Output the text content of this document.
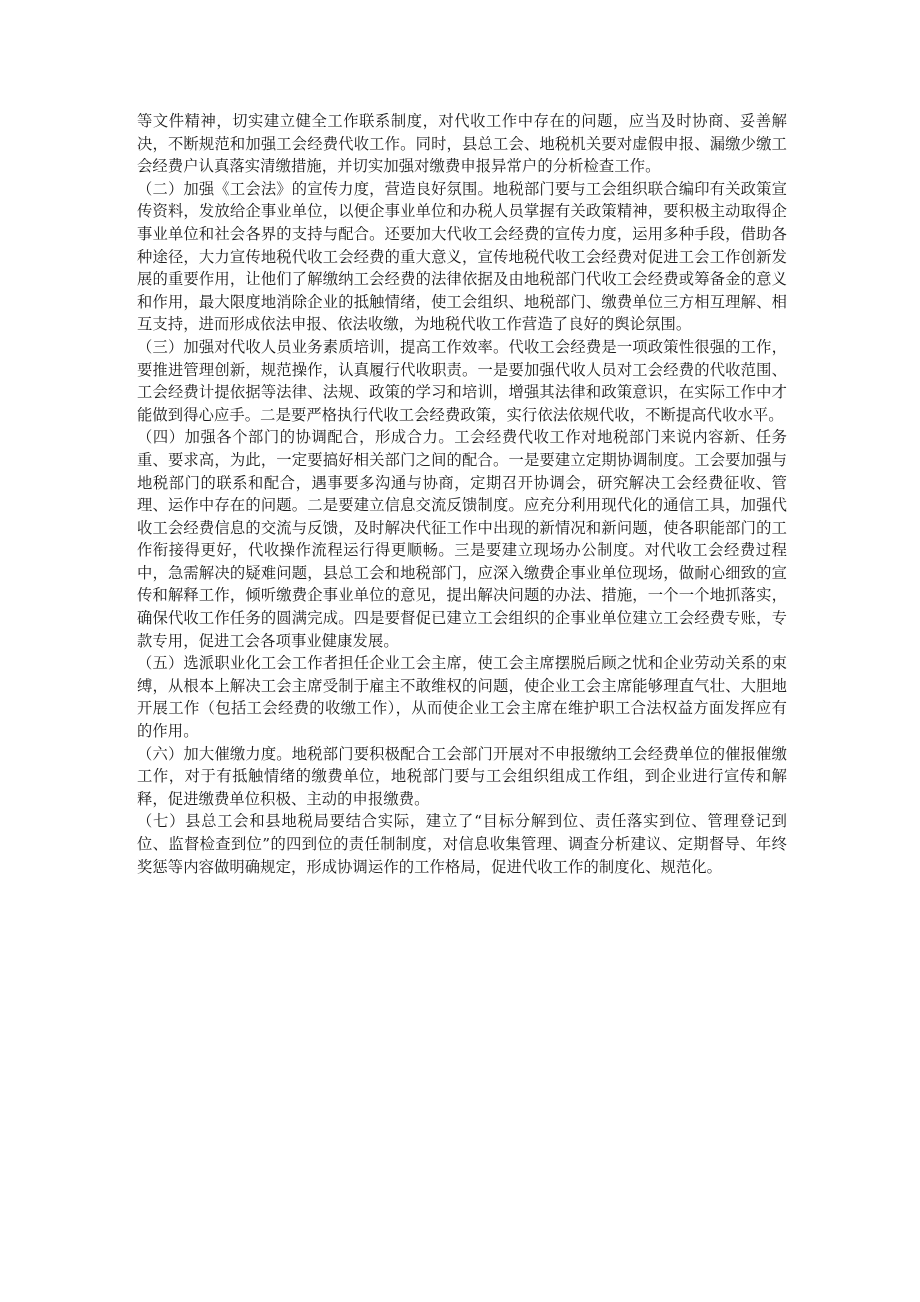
等文件精神，切实建立健全工作联系制度，对代收工作中存在的问题，应当及时协商、妥善解决，不断规范和加强工会经费代收工作。同时，县总工会、地税机关要对虚假申报、漏缴少缴工会经费户认真落实清缴措施，并切实加强对缴费申报异常户的分析检查工作。

（二）加强《工会法》的宣传力度，营造良好氛围。地税部门要与工会组织联合编印有关政策宣传资料，发放给企事业单位，以便企事业单位和办税人员掌握有关政策精神，要积极主动取得企事业单位和社会各界的支持与配合。还要加大代收工会经费的宣传力度，运用多种手段，借助各种途径，大力宣传地税代收工会经费的重大意义，宣传地税代收工会经费对促进工会工作创新发展的重要作用，让他们了解缴纳工会经费的法律依据及由地税部门代收工会经费或筹备金的意义和作用，最大限度地消除企业的抵触情绪，使工会组织、地税部门、缴费单位三方相互理解、相互支持，进而形成依法申报、依法收缴，为地税代收工作营造了良好的舆论氛围。

（三）加强对代收人员业务素质培训，提高工作效率。代收工会经费是一项政策性很强的工作，要推进管理创新，规范操作，认真履行代收职责。一是要加强代收人员对工会经费的代收范围、工会经费计提依据等法律、法规、政策的学习和培训，增强其法律和政策意识，在实际工作中才能做到得心应手。二是要严格执行代收工会经费政策，实行依法依规代收，不断提高代收水平。

（四）加强各个部门的协调配合，形成合力。工会经费代收工作对地税部门来说内容新、任务重、要求高，为此，一定要搞好相关部门之间的配合。一是要建立定期协调制度。工会要加强与地税部门的联系和配合，遇事要多沟通与协商，定期召开协调会，研究解决工会经费征收、管理、运作中存在的问题。二是要建立信息交流反馈制度。应充分利用现代化的通信工具，加强代收工会经费信息的交流与反馈，及时解决代征工作中出现的新情况和新问题，使各职能部门的工作衔接得更好，代收操作流程运行得更顺畅。三是要建立现场办公制度。对代收工会经费过程中，急需解决的疑难问题，县总工会和地税部门，应深入缴费企事业单位现场，做耐心细致的宣传和解释工作，倾听缴费企事业单位的意见，提出解决问题的办法、措施，一个一个地抓落实，确保代收工作任务的圆满完成。四是要督促已建立工会组织的企事业单位建立工会经费专账，专款专用，促进工会各项事业健康发展。

（五）选派职业化工会工作者担任企业工会主席，使工会主席摆脱后顾之忧和企业劳动关系的束缚，从根本上解决工会主席受制于雇主不敢维权的问题，使企业工会主席能够理直气壮、大胆地开展工作（包括工会经费的收缴工作），从而使企业工会主席在维护职工合法权益方面发挥应有的作用。

（六）加大催缴力度。地税部门要积极配合工会部门开展对不申报缴纳工会经费单位的催报催缴工作，对于有抵触情绪的缴费单位，地税部门要与工会组织组成工作组，到企业进行宣传和解释，促进缴费单位积极、主动的申报缴费。

（七）县总工会和县地税局要结合实际，建立了“目标分解到位、责任落实到位、管理登记到位、监督检查到位”的四到位的责任制制度，对信息收集管理、调查分析建议、定期督导、年终奖惩等内容做明确规定，形成协调运作的工作格局，促进代收工作的制度化、规范化。
